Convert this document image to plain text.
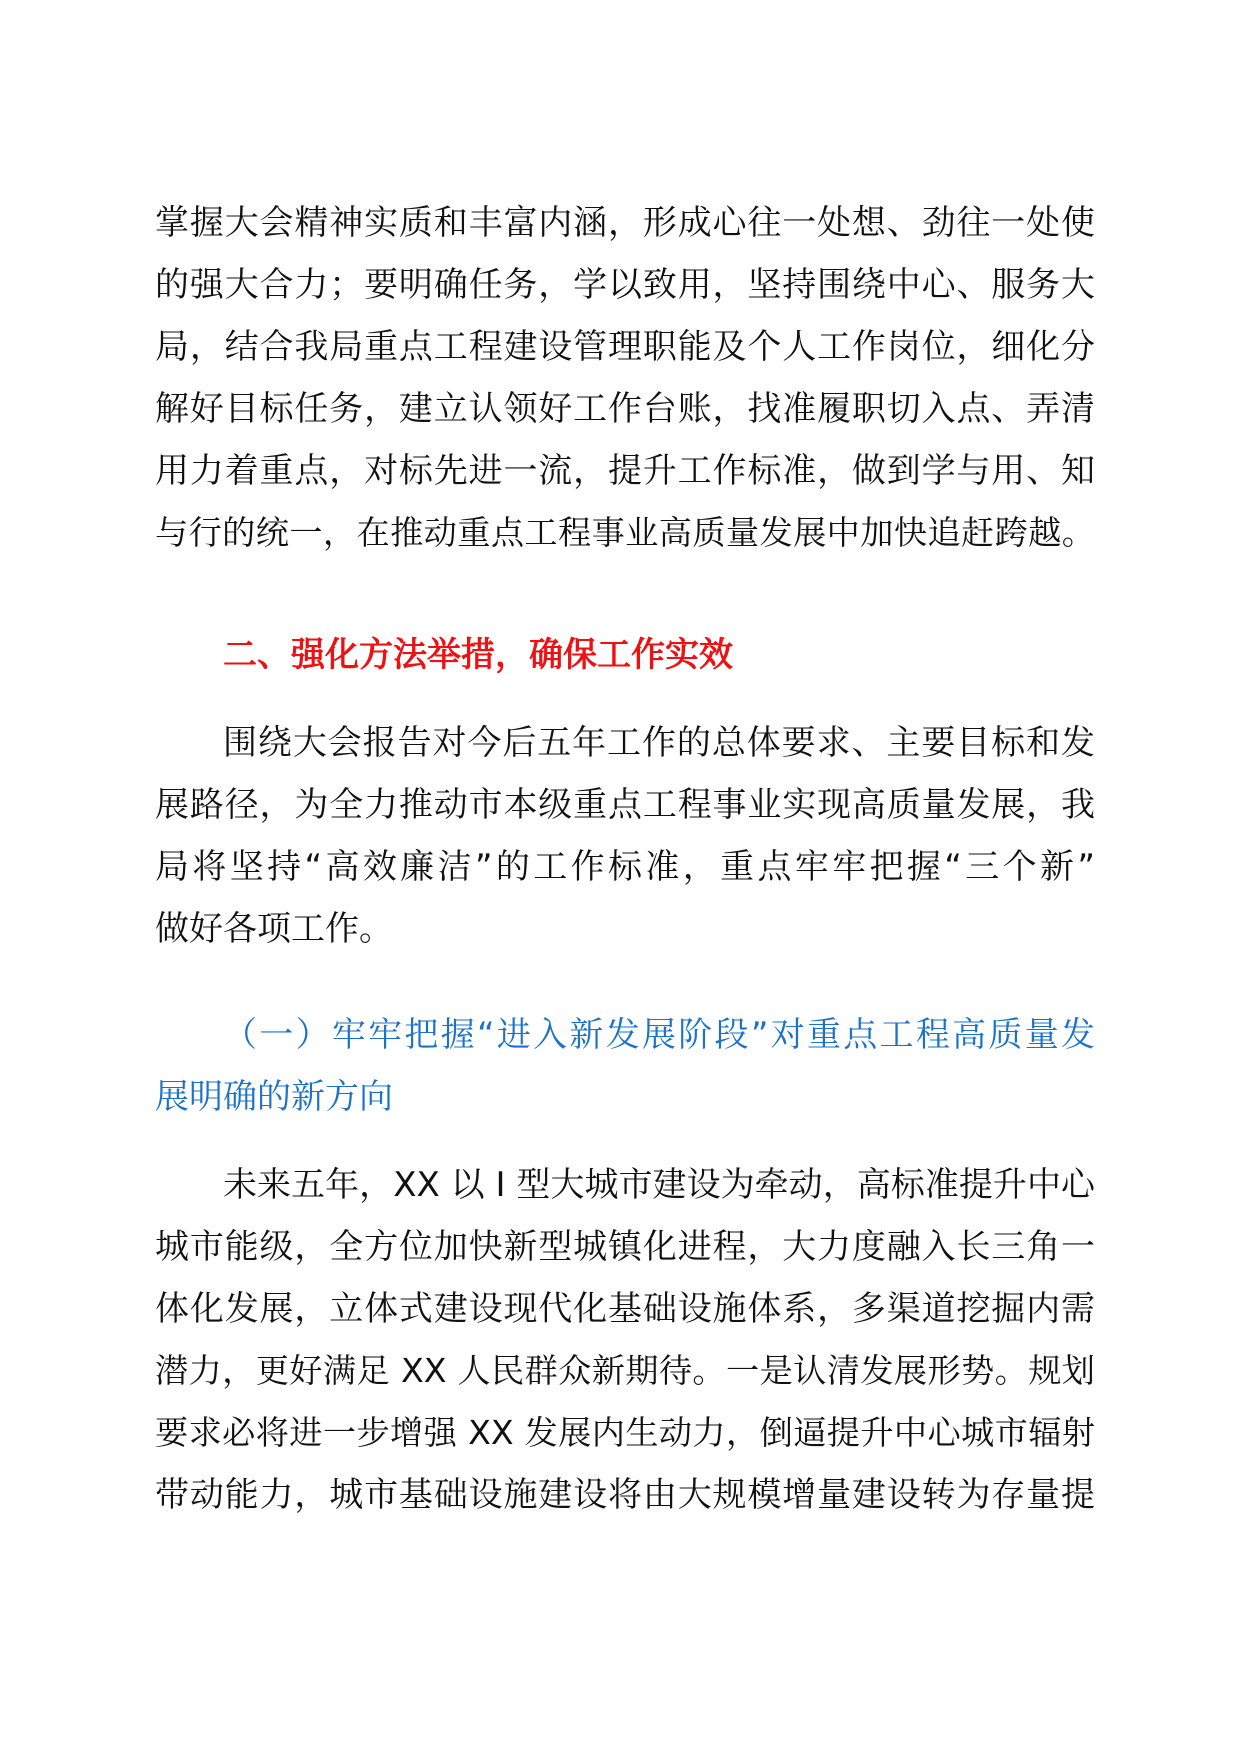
掌握大会精神实质和丰富内涵，形成心往一处想、劲往一处使
的强大合力；要明确任务，学以致用，坚持围绕中心、服务大
局，结合我局重点工程建设管理职能及个人工作岗位，细化分
解好目标任务，建立认领好工作台账，找准履职切入点、弄清
用力着重点，对标先进一流，提升工作标准，做到学与用、知
与行的统一，在推动重点工程事业高质量发展中加快追赶跨越。
二、强化方法举措，确保工作实效
围绕大会报告对今后五年工作的总体要求、主要目标和发
展路径，为全力推动市本级重点工程事业实现高质量发展，我
局将坚持“高效廉洁”的工作标准，重点牢牢把握“三个新”
做好各项工作。
（一）牢牢把握“进入新发展阶段”对重点工程高质量发
展明确的新方向
未来五年，XX 以 I 型大城市建设为牵动，高标准提升中心
城市能级，全方位加快新型城镇化进程，大力度融入长三角一
体化发展，立体式建设现代化基础设施体系，多渠道挖掘内需
潜力，更好满足 XX 人民群众新期待。一是认清发展形势。规划
要求必将进一步增强 XX 发展内生动力，倒逼提升中心城市辐射
带动能力，城市基础设施建设将由大规模增量建设转为存量提
